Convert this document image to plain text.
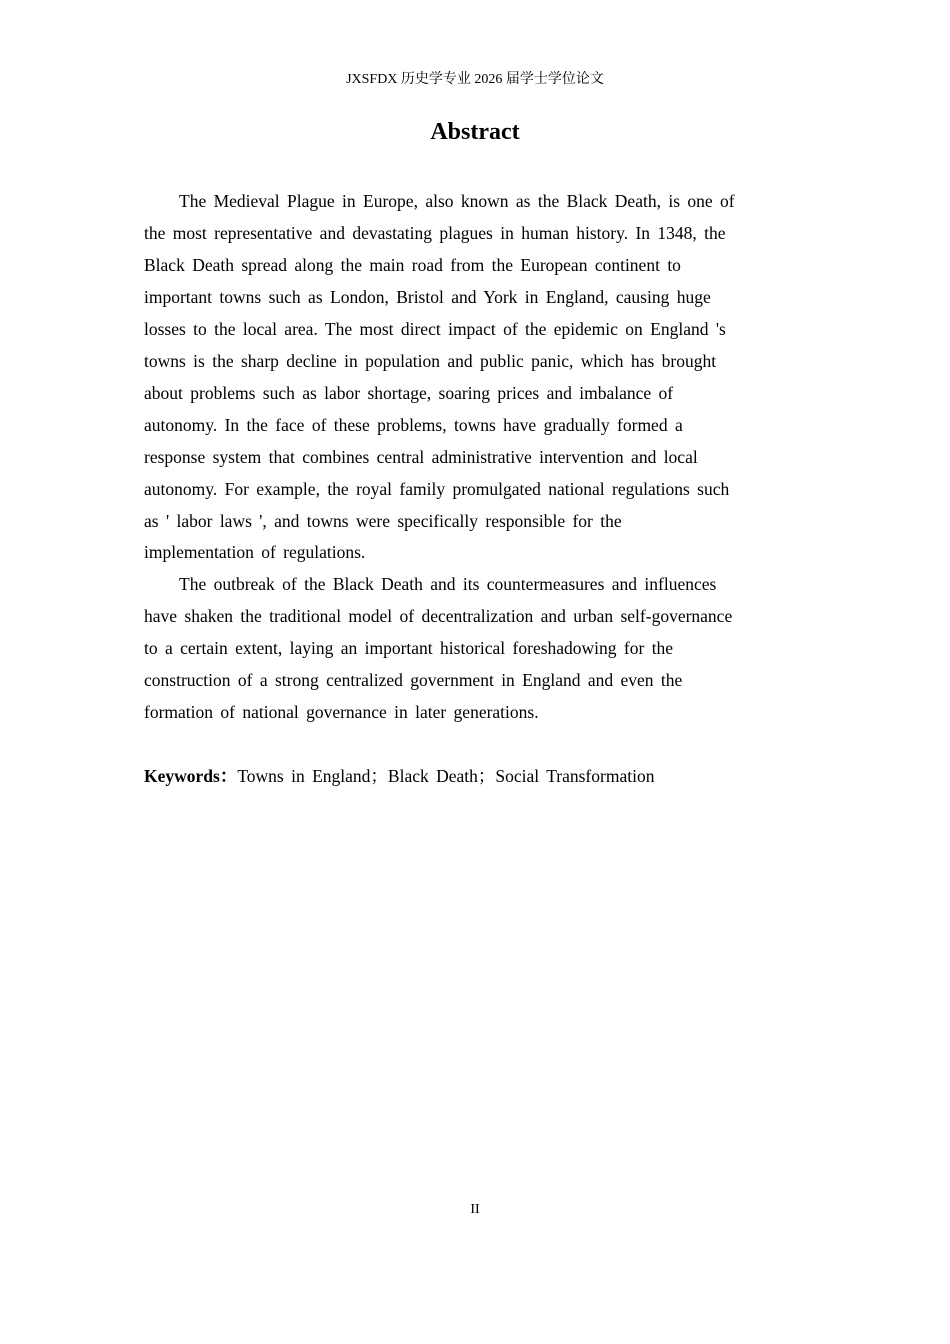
JXSFDX 历史学专业 2026 届学士学位论文
Abstract
The Medieval Plague in Europe, also known as the Black Death, is one of
the most representative and devastating plagues in human history. In 1348, the
Black Death spread along the main road from the European continent to
important towns such as London, Bristol and York in England, causing huge
losses to the local area. The most direct impact of the epidemic on England 's
towns is the sharp decline in population and public panic, which has brought
about problems such as labor shortage, soaring prices and imbalance of
autonomy. In the face of these problems, towns have gradually formed a
response system that combines central administrative intervention and local
autonomy. For example, the royal family promulgated national regulations such
as ' labor laws ', and towns were specifically responsible for the
implementation of regulations.
The outbreak of the Black Death and its countermeasures and influences
have shaken the traditional model of decentralization and urban self-governance
to a certain extent, laying an important historical foreshadowing for the
construction of a strong centralized government in England and even the
formation of national governance in later generations.
Keywords：Towns in England；Black Death；Social Transformation
II
